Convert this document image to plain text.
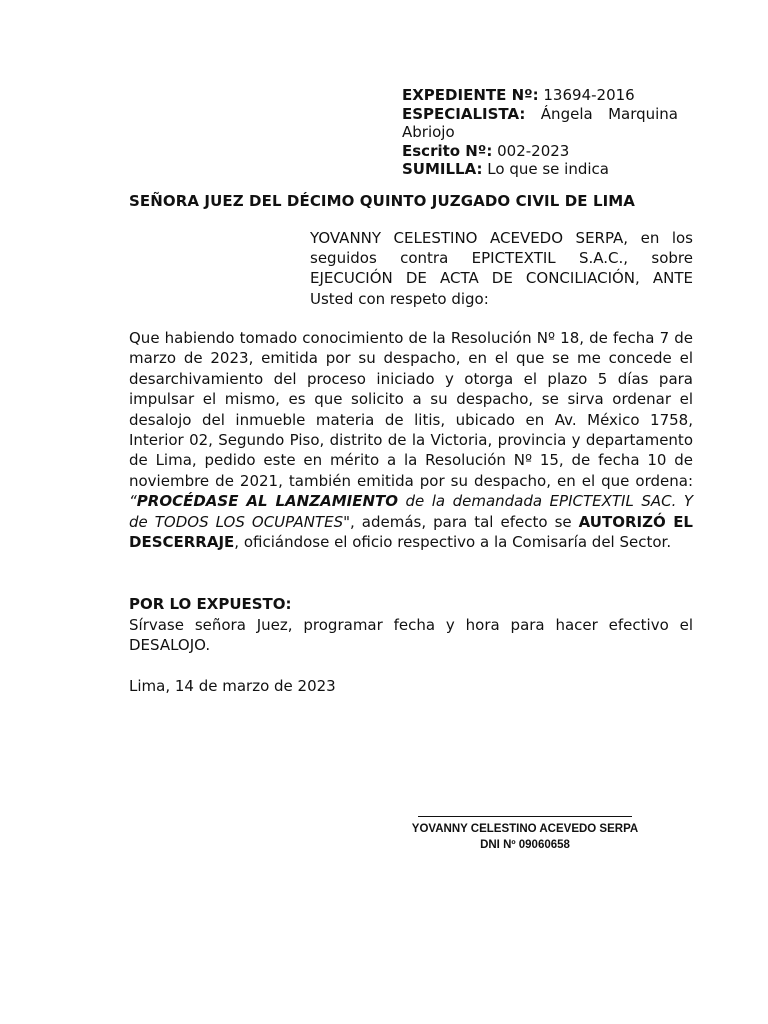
EXPEDIENTE Nº: 13694-2016
ESPECIALISTA: Ángela Marquina Abriojo
Escrito Nº: 002-2023
SUMILLA: Lo que se indica
SEÑORA JUEZ DEL DÉCIMO QUINTO JUZGADO CIVIL DE LIMA
YOVANNY CELESTINO ACEVEDO SERPA, en los seguidos contra EPICTEXTIL S.A.C., sobre EJECUCIÓN DE ACTA DE CONCILIACIÓN, ANTE Usted con respeto digo:

Que habiendo tomado conocimiento de la Resolución Nº 18, de fecha 7 de marzo de 2023, emitida por su despacho, en el que se me concede el desarchivamiento del proceso iniciado y otorga el plazo 5 días para impulsar el mismo, es que solicito a su despacho, se sirva ordenar el desalojo del inmueble materia de litis, ubicado en Av. México 1758, Interior 02, Segundo Piso, distrito de la Victoria, provincia y departamento de Lima, pedido este en mérito a la Resolución Nº 15, de fecha 10 de noviembre de 2021, también emitida por su despacho, en el que ordena: “PROCÉDASE AL LANZAMIENTO de la demandada EPICTEXTIL SAC. Y de TODOS LOS OCUPANTES", además, para tal efecto se AUTORIZÓ EL DESCERRAJE, oficiándose el oficio respectivo a la Comisaría del Sector.

POR LO EXPUESTO:
Sírvase señora Juez, programar fecha y hora para hacer efectivo el DESALOJO.
Lima, 14 de marzo de 2023
YOVANNY CELESTINO ACEVEDO SERPA
DNI Nº 09060658
